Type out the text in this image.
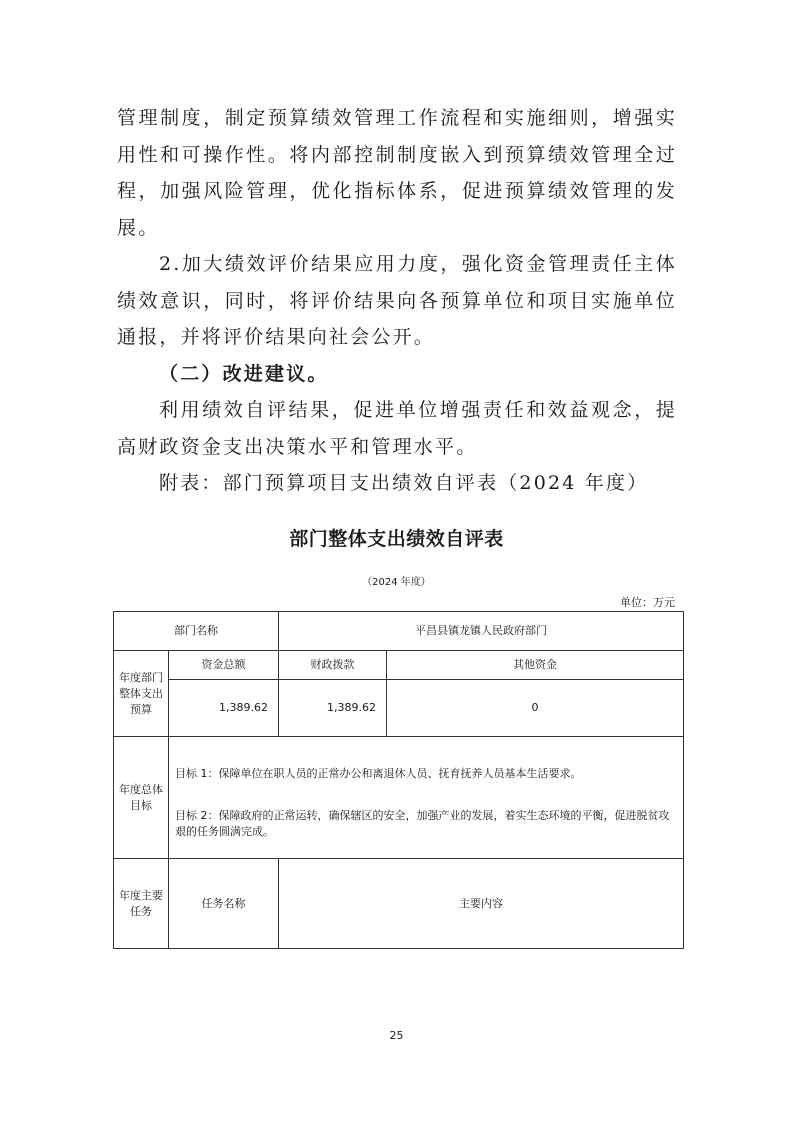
管理制度，制定预算绩效管理工作流程和实施细则，增强实用性和可操作性。将内部控制制度嵌入到预算绩效管理全过程，加强风险管理，优化指标体系，促进预算绩效管理的发展。

2.加大绩效评价结果应用力度，强化资金管理责任主体绩效意识，同时，将评价结果向各预算单位和项目实施单位通报，并将评价结果向社会公开。

（二）改进建议。

利用绩效自评结果，促进单位增强责任和效益观念，提高财政资金支出决策水平和管理水平。

附表：部门预算项目支出绩效自评表（2024 年度）

部门整体支出绩效自评表
（2024 年度）
单位：万元
部门名称		平昌县镇龙镇人民政府部门	
年度部门整体支出预算	资金总额	财政拨款	其他资金
	1,389.62	1,389.62	0
年度总体目标	目标 1：保障单位在职人员的正常办公和离退休人员、抚育抚养人员基本生活要求。
目标 2：保障政府的正常运转，确保辖区的安全，加强产业的发展，着实生态环境的平衡，促进脱贫攻艰的任务圆满完成。		

年度主要任务	任务名称	主要内容	
25
